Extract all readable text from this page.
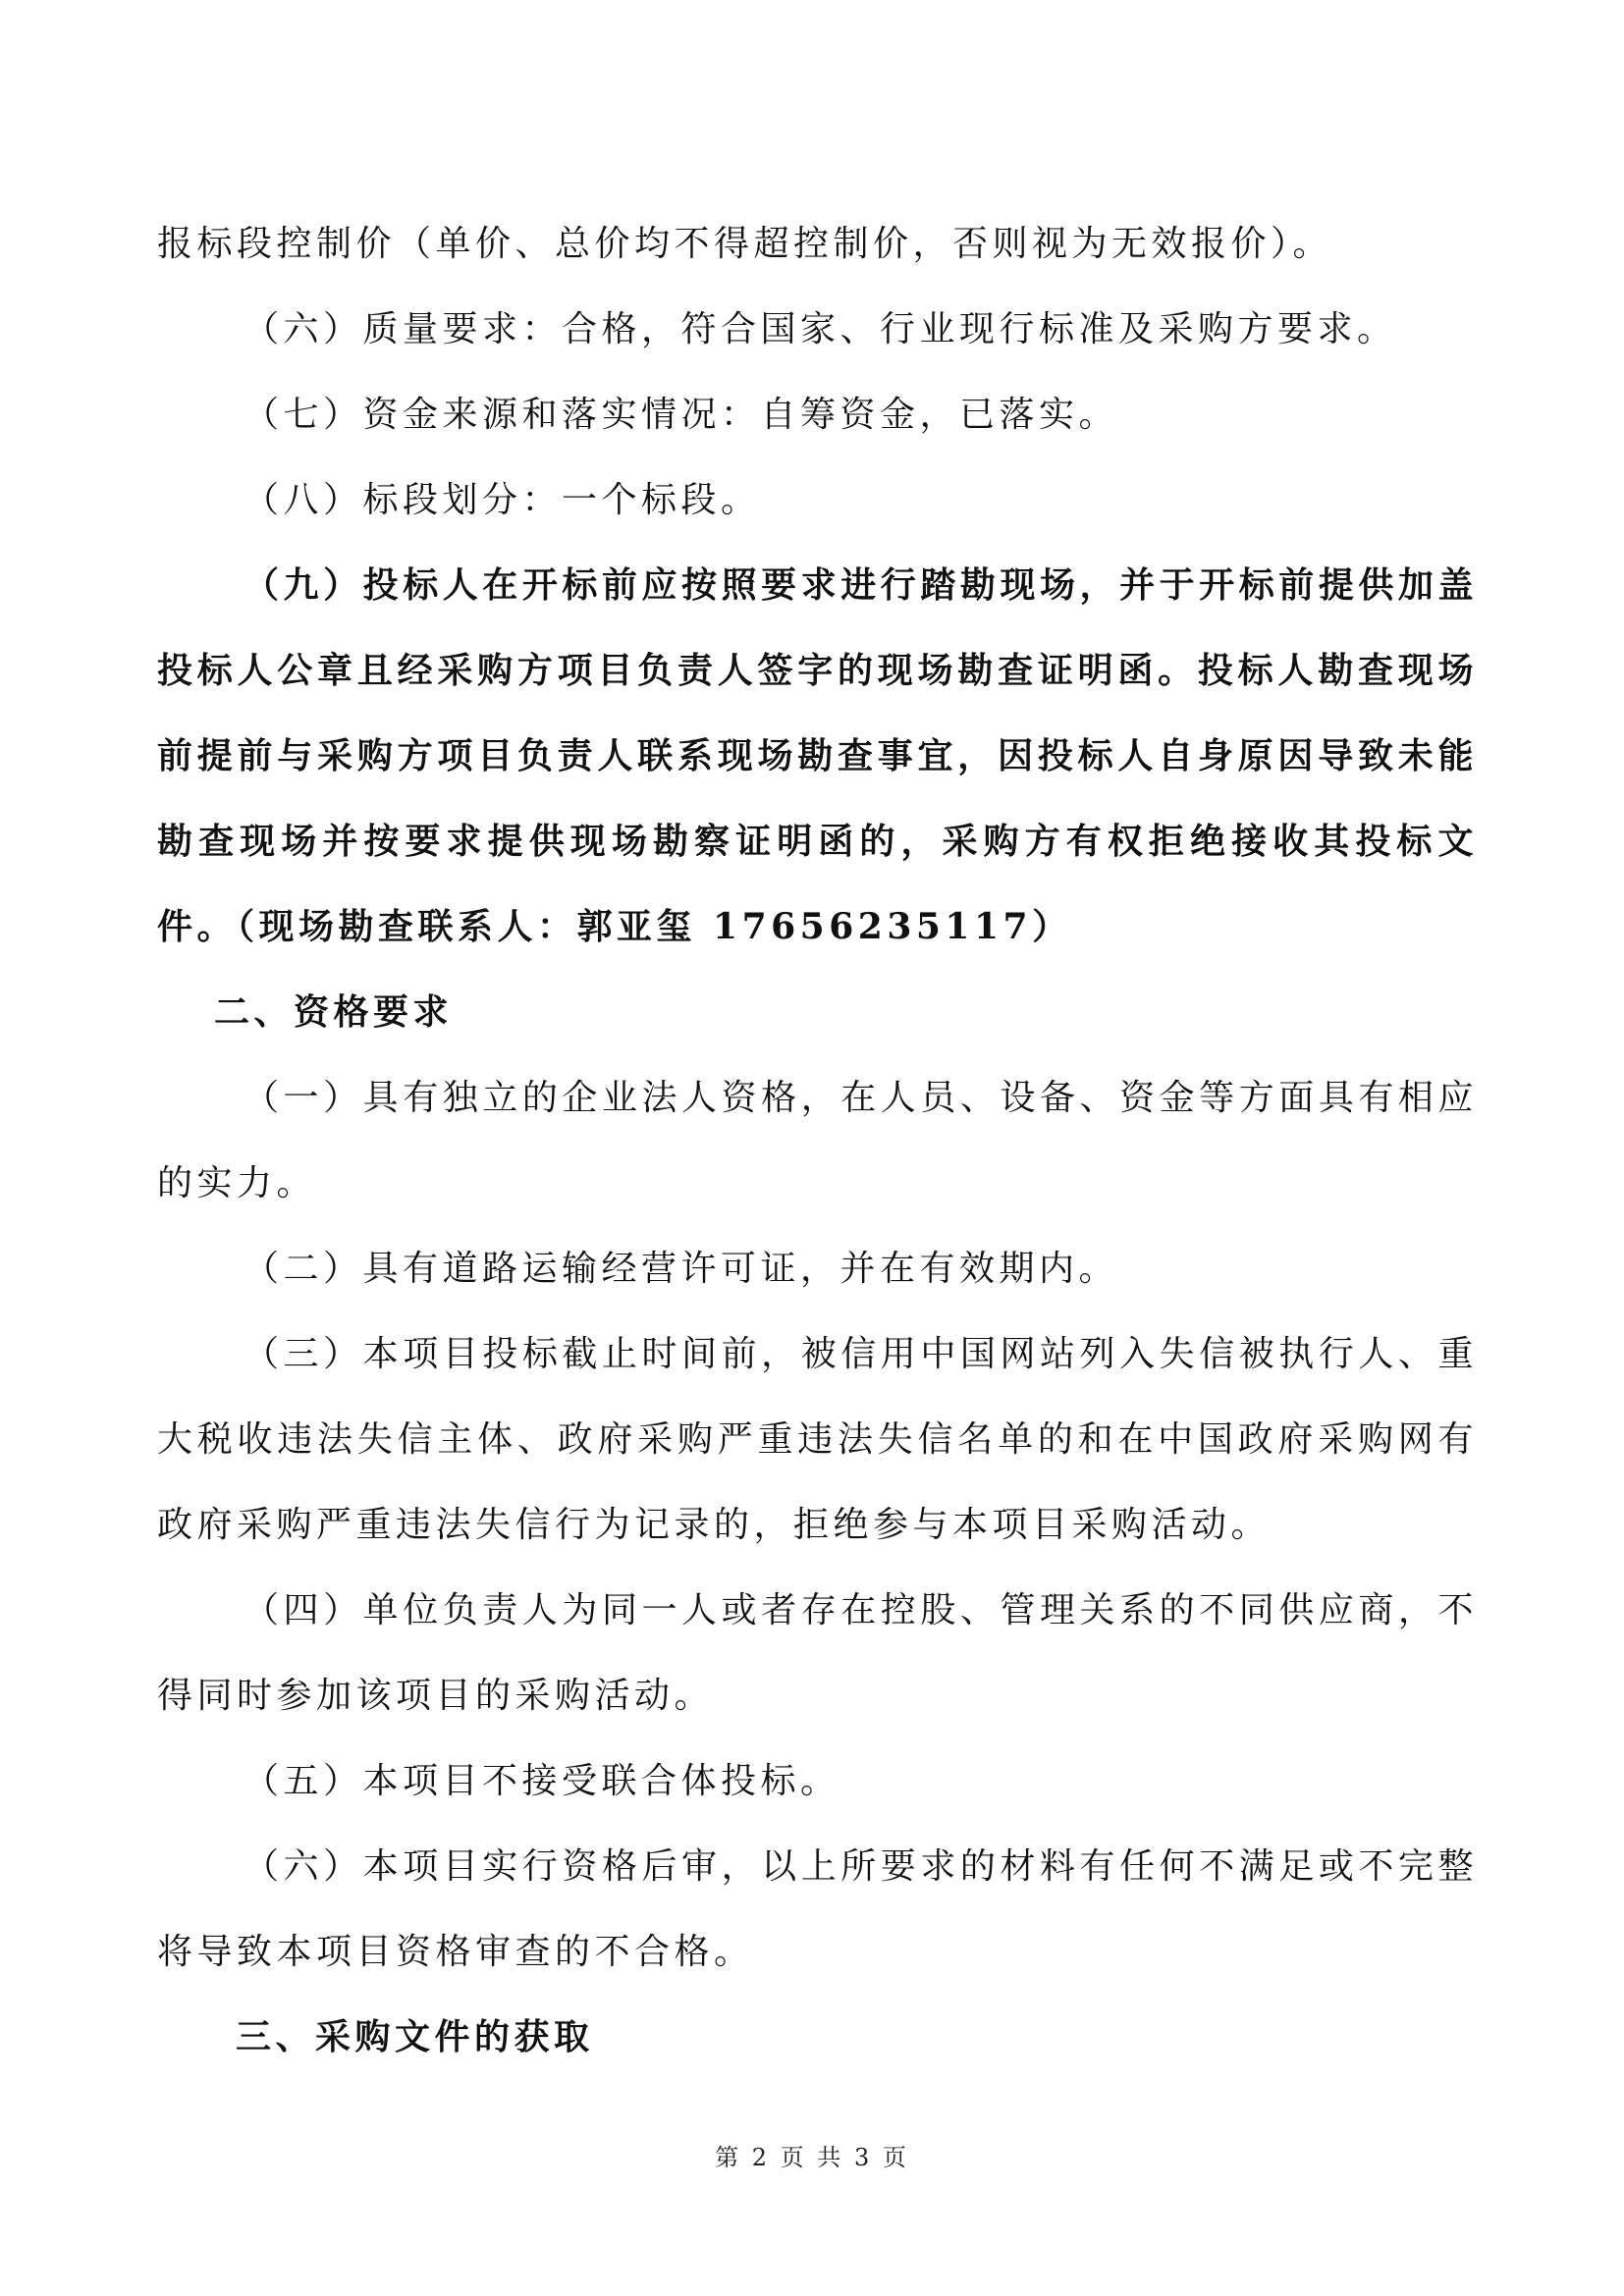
报标段控制价（单价、总价均不得超控制价，否则视为无效报价）。

（六）质量要求：合格，符合国家、行业现行标准及采购方要求。

（七）资金来源和落实情况：自筹资金，已落实。

（八）标段划分：一个标段。

（九）投标人在开标前应按照要求进行踏勘现场，并于开标前提供加盖投标人公章且经采购方项目负责人签字的现场勘查证明函。投标人勘查现场前提前与采购方项目负责人联系现场勘查事宜，因投标人自身原因导致未能勘查现场并按要求提供现场勘察证明函的，采购方有权拒绝接收其投标文件。（现场勘查联系人：郭亚玺 17656235117）

二、资格要求

（一）具有独立的企业法人资格，在人员、设备、资金等方面具有相应的实力。

（二）具有道路运输经营许可证，并在有效期内。

（三）本项目投标截止时间前，被信用中国网站列入失信被执行人、重大税收违法失信主体、政府采购严重违法失信名单的和在中国政府采购网有政府采购严重违法失信行为记录的，拒绝参与本项目采购活动。

（四）单位负责人为同一人或者存在控股、管理关系的不同供应商，不得同时参加该项目的采购活动。

（五）本项目不接受联合体投标。

（六）本项目实行资格后审，以上所要求的材料有任何不满足或不完整将导致本项目资格审查的不合格。

三、采购文件的获取

第 2 页 共 3 页
